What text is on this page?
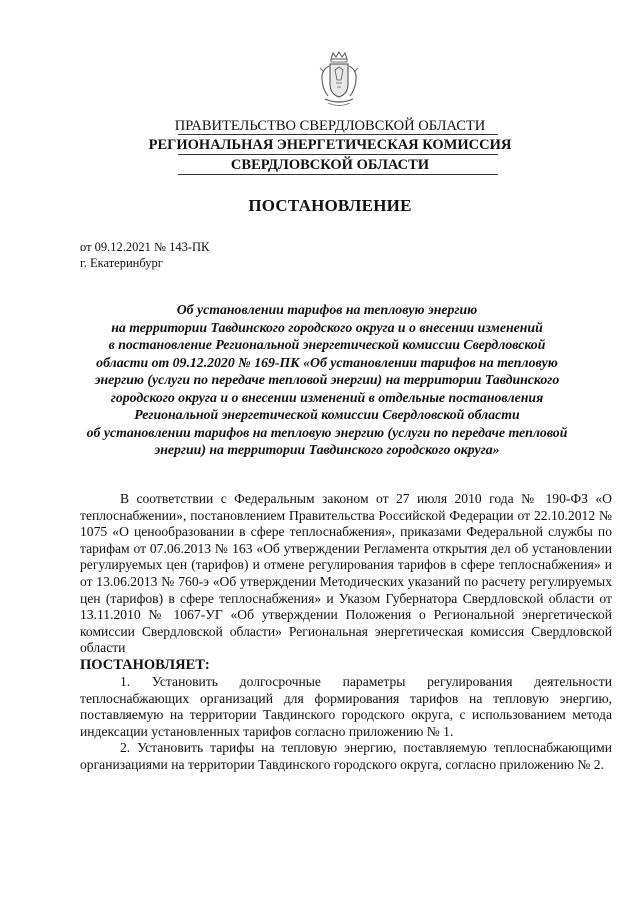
ПРАВИТЕЛЬСТВО СВЕРДЛОВСКОЙ ОБЛАСТИ
РЕГИОНАЛЬНАЯ ЭНЕРГЕТИЧЕСКАЯ КОМИССИЯ
СВЕРДЛОВСКОЙ ОБЛАСТИ
ПОСТАНОВЛЕНИЕ
от 09.12.2021 № 143-ПК
г. Екатеринбург
Об установлении тарифов на тепловую энергию
на территории Тавдинского городского округа и о внесении изменений
в постановление Региональной энергетической комиссии Свердловской
области от 09.12.2020 № 169-ПК «Об установлении тарифов на тепловую
энергию (услуги по передаче тепловой энергии) на территории Тавдинского
городского округа и о внесении изменений в отдельные постановления
Региональной энергетической комиссии Свердловской области
об установлении тарифов на тепловую энергию (услуги по передаче тепловой
энергии) на территории Тавдинского городского округа»

В соответствии с Федеральным законом от 27 июля 2010 года № 190-ФЗ «О теплоснабжении», постановлением Правительства Российской Федерации от 22.10.2012 № 1075 «О ценообразовании в сфере теплоснабжения», приказами Федеральной службы по тарифам от 07.06.2013 № 163 «Об утверждении Регламента открытия дел об установлении регулируемых цен (тарифов) и отмене регулирования тарифов в сфере теплоснабжения» и от 13.06.2013 № 760-э «Об утверждении Методических указаний по расчету регулируемых цен (тарифов) в сфере теплоснабжения» и Указом Губернатора Свердловской области от 13.11.2010 № 1067-УГ «Об утверждении Положения о Региональной энергетической комиссии Свердловской области» Региональная энергетическая комиссия Свердловской области

ПОСТАНОВЛЯЕТ:

1. Установить долгосрочные параметры регулирования деятельности теплоснабжающих организаций для формирования тарифов на тепловую энергию, поставляемую на территории Тавдинского городского округа, с использованием метода индексации установленных тарифов согласно приложению № 1.

2. Установить тарифы на тепловую энергию, поставляемую теплоснабжающими организациями на территории Тавдинского городского округа, согласно приложению № 2.
